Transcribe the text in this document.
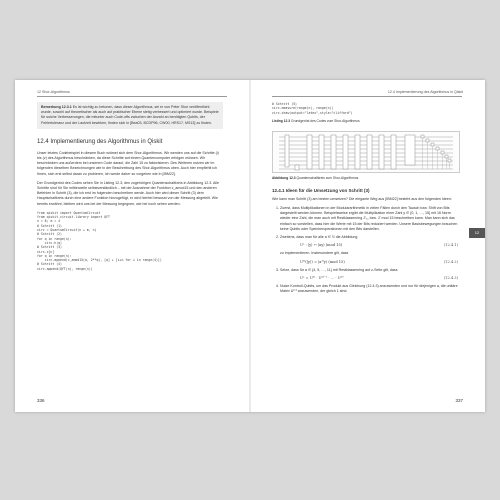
12 Shor-Algorithmus
Bemerkung 12.3.1 Es ist wichtig zu betonen, dass dieser Algorithmus, sei er von Peter Shor veröffentlicht wurde, sowohl auf theoretischer als auch auf praktischer Ebene stetig verbessert und optimiert wurde. Beispiele für solche Verbesserungen, die mitunter auch Code-offs zwischen der Anzahl an benötigten Qubits, der Fehlertoleranz und der Laufzeit bewirken, finden sich in [Bea03, BCDP96, CW00, HRS17, MS13] zu finden.
12.4 Implementierung des Algorithmus in Qiskit

Unser letztes Codebeispiel in diesem Buch widmet sich dem Shor-Algorithmus. Wir wenden uns auf die Schritte (i) bis (v) des Algorithmus beschränken, da diese Schritte auf einem Quantencomputer erfolgen müssen. Wir beschränken uns außerdem bei unserem Code darauf, die Zahl 15 zu faktorisieren. Des Weiteren nutzen wir im folgenden dieselben Bezeichnungen wie in der Beschreibung des Shor-Algorithmus oben. Auch hier empfiehlt ich Ihnen, sich erst selbst daran zu probieren, ich werde daher so vorgehen wie in [IBM22].

Der Grundgerüst des Codes sehen Sie in Listing 12.3; den zugehörigen Quantenschaltkreis in Abbildung 12.3. Alle Schritte sind für Sie mittlerweile selbstverständlich – mit der Ausnahme der Funktion c_amod15 und den anderen Befehlen in Schritt (3), die ich erst im folgenden beschreiben werde. Auch hier wird dieser Schritt (3) dem Hauptschaltkreis durch eine andere Funktion hinzugefügt, er wird hierbei bewusst von der Messung abgeteilt. Wie bereits erwähnt, bleiben wird uns bei der Messung begegnen, wie bei noch sehen werden.

from qiskit import QuantumCircuit
from qiskit.circuit.library import QFT
n = 8; m = 4
# Schritt (1)
circ = QuantumCircuit(n + m, n)
# Schritt (2)
for q in range(n):
circ.h(q)
# Schritt (3)
circ.x[n]
for q in range(n):
circ.append(c_amod15(a, 2**q), [q] + [i+n for i in range(4)])
# Schritt (4)
circ.append(QFT(n), range(n))
336
12.4 Implementierung des Algorithmus in Qiskit
# Schritt (5)
circ.measure(range(n), range(n))
circ.draw(output="latex",style="clifford")
Listing 12.3 Grundgerüst des Codes zum Shor-Algorithmus
Abbildung 12.3 Quantenschaltkreis zum Shor-Algorithmus
12.4.1 Ideen für die Umsetzung von Schritt (3)

Wie kann man Schritt (3) am besten umsetzen? Die elegante Weg aus [IBM22] besteht aus den folgenden Ideen:

1. Zuerst, dass Multiplikationen in der Modulararithmetik in vielen Fällen durch den Tausch bzw. Shift von Bits dargestellt werden können. Beispielsweise ergibt die Multiplikation einer Zahl y ∈ {0, 1, …, 15} mit 16 Norm wieder eine Zahl, die man auch mit Restklassenring ℤ₁₅ bzw. ℤ mod 15 beschreiben kann. Man kann sich das einfach so vorstellen, dass hier die Werte mit 15 der Bits reduziert werden. Unsere Basisbewegungen brauchen keine Qubits oder Speicheroperationen mit den Bits darstellen.
2. Zweitens, dass man für alle a ∈ ℕ die Abbildung
Uᵃ : |y⟩ ↦ |ay⟩ (mod 15)	(12.4.1)
zu implementieren. Insbesondere gilt, dass
U²ᵗ(|y⟩) = |a²ᵗy⟩ (mod 15)	(12.4.2)
3. Setze, dass für a ∈ {4, 5, …, 11} mit Restklassenring auf z-Seite gilt, dass
Uᵃ = U²ᵗ · U²ᵗ⁻¹ · … · U²⁰	(12.4.3)
4. Nutze Kontroll-Qubits, um das Produkt aus Gleichung (12.4.3) anzuwenden und nur für diejenigen a, die unitäre Matrix U² ² anzuwenden, der gleich 1 sind.
337
12
